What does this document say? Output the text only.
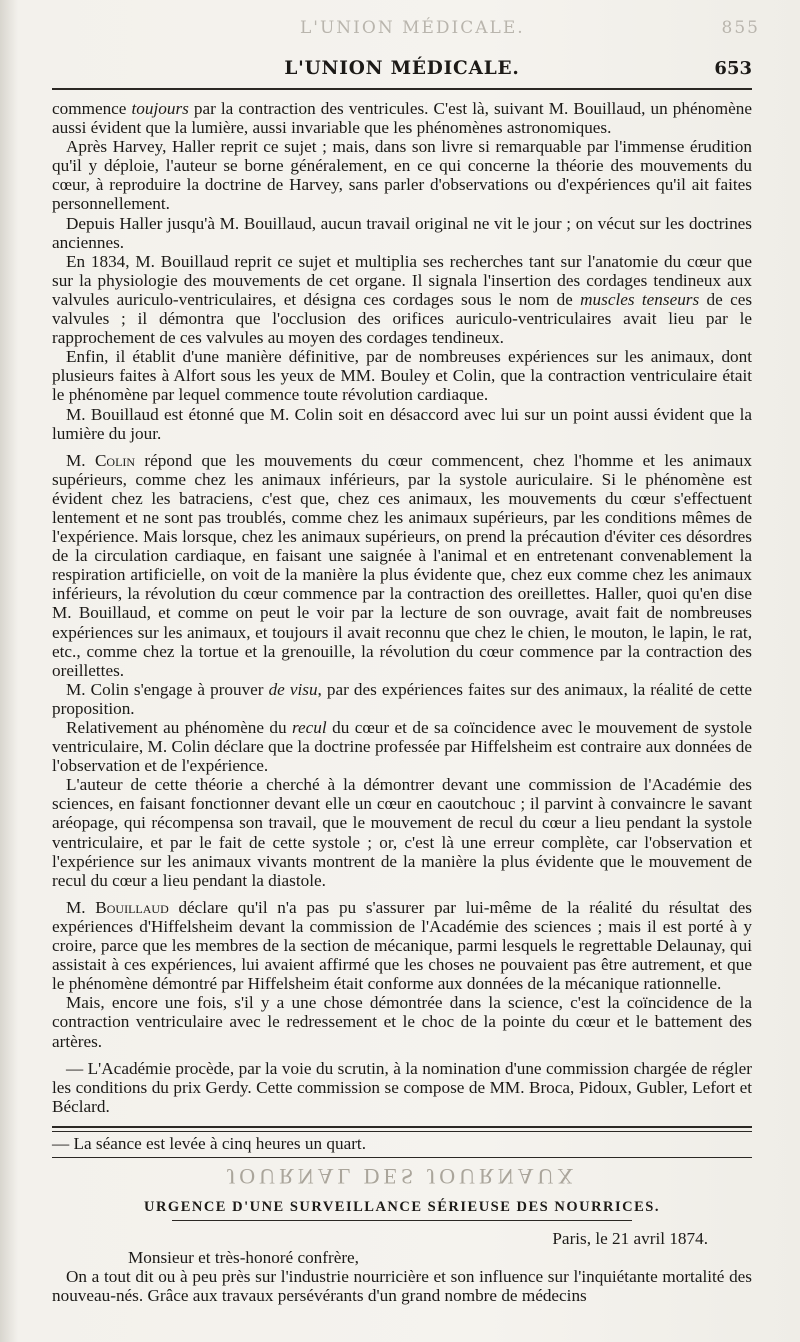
L'UNION MÉDICALE.	855
L'UNION MÉDICALE.	653

commence toujours par la contraction des ventricules. C'est là, suivant M. Bouillaud, un phénomène aussi évident que la lumière, aussi invariable que les phénomènes astronomiques.

Après Harvey, Haller reprit ce sujet ; mais, dans son livre si remarquable par l'immense érudition qu'il y déploie, l'auteur se borne généralement, en ce qui concerne la théorie des mouvements du cœur, à reproduire la doctrine de Harvey, sans parler d'observations ou d'expériences qu'il ait faites personnellement.

Depuis Haller jusqu'à M. Bouillaud, aucun travail original ne vit le jour ; on vécut sur les doctrines anciennes.

En 1834, M. Bouillaud reprit ce sujet et multiplia ses recherches tant sur l'anatomie du cœur que sur la physiologie des mouvements de cet organe. Il signala l'insertion des cordages tendineux aux valvules auriculo-ventriculaires, et désigna ces cordages sous le nom de muscles tenseurs de ces valvules ; il démontra que l'occlusion des orifices auriculo-ventriculaires avait lieu par le rapprochement de ces valvules au moyen des cordages tendineux.

Enfin, il établit d'une manière définitive, par de nombreuses expériences sur les animaux, dont plusieurs faites à Alfort sous les yeux de MM. Bouley et Colin, que la contraction ventriculaire était le phénomène par lequel commence toute révolution cardiaque.

M. Bouillaud est étonné que M. Colin soit en désaccord avec lui sur un point aussi évident que la lumière du jour.

M. Colin répond que les mouvements du cœur commencent, chez l'homme et les animaux supérieurs, comme chez les animaux inférieurs, par la systole auriculaire. Si le phénomène est évident chez les batraciens, c'est que, chez ces animaux, les mouvements du cœur s'effectuent lentement et ne sont pas troublés, comme chez les animaux supérieurs, par les conditions mêmes de l'expérience. Mais lorsque, chez les animaux supérieurs, on prend la précaution d'éviter ces désordres de la circulation cardiaque, en faisant une saignée à l'animal et en entretenant convenablement la respiration artificielle, on voit de la manière la plus évidente que, chez eux comme chez les animaux inférieurs, la révolution du cœur commence par la contraction des oreillettes. Haller, quoi qu'en dise M. Bouillaud, et comme on peut le voir par la lecture de son ouvrage, avait fait de nombreuses expériences sur les animaux, et toujours il avait reconnu que chez le chien, le mouton, le lapin, le rat, etc., comme chez la tortue et la grenouille, la révolution du cœur commence par la contraction des oreillettes.

M. Colin s'engage à prouver de visu, par des expériences faites sur des animaux, la réalité de cette proposition.

Relativement au phénomène du recul du cœur et de sa coïncidence avec le mouvement de systole ventriculaire, M. Colin déclare que la doctrine professée par Hiffelsheim est contraire aux données de l'observation et de l'expérience.

L'auteur de cette théorie a cherché à la démontrer devant une commission de l'Académie des sciences, en faisant fonctionner devant elle un cœur en caoutchouc ; il parvint à convaincre le savant aréopage, qui récompensa son travail, que le mouvement de recul du cœur a lieu pendant la systole ventriculaire, et par le fait de cette systole ; or, c'est là une erreur complète, car l'observation et l'expérience sur les animaux vivants montrent de la manière la plus évidente que le mouvement de recul du cœur a lieu pendant la diastole.

M. Bouillaud déclare qu'il n'a pas pu s'assurer par lui-même de la réalité du résultat des expériences d'Hiffelsheim devant la commission de l'Académie des sciences ; mais il est porté à y croire, parce que les membres de la section de mécanique, parmi lesquels le regrettable Delaunay, qui assistait à ces expériences, lui avaient affirmé que les choses ne pouvaient pas être autrement, et que le phénomène démontré par Hiffelsheim était conforme aux données de la mécanique rationnelle.

Mais, encore une fois, s'il y a une chose démontrée dans la science, c'est la coïncidence de la contraction ventriculaire avec le redressement et le choc de la pointe du cœur et le battement des artères.

— L'Académie procède, par la voie du scrutin, à la nomination d'une commission chargée de régler les conditions du prix Gerdy. Cette commission se compose de MM. Broca, Pidoux, Gubler, Lefort et Béclard.

— La séance est levée à cinq heures un quart.

JOURNAL DES JOURNAUX
URGENCE D'UNE SURVEILLANCE SÉRIEUSE DES NOURRICES.

Paris, le 21 avril 1874.

Monsieur et très-honoré confrère,

On a tout dit ou à peu près sur l'industrie nourricière et son influence sur l'inquiétante mortalité des nouveau-nés. Grâce aux travaux persévérants d'un grand nombre de médecins
